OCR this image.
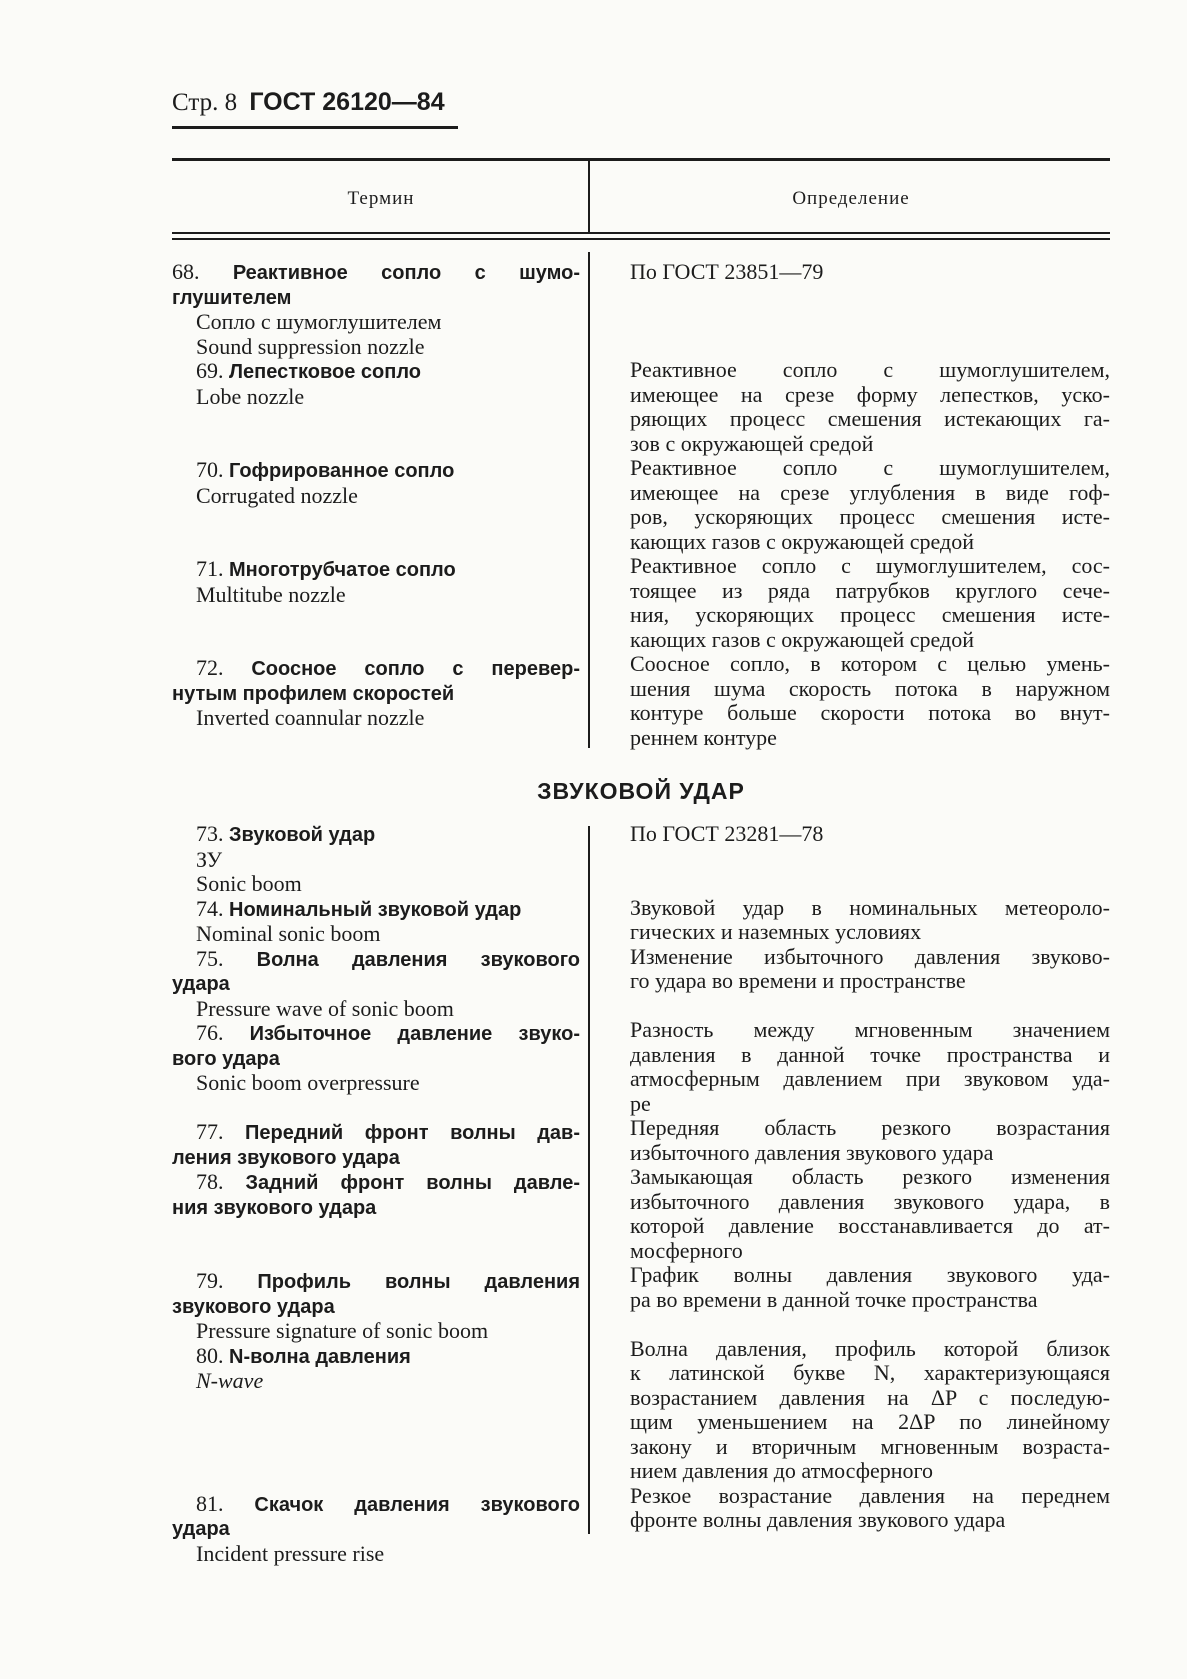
Стр. 8 ГОСТ 26120—84
Термин	Определение
68. Реактивное сопло с шумо-
глушителем
Сопло с шумоглушителем
Sound suppression nozzle
69. Лепестковое сопло
Lobe nozzle
70. Гофрированное сопло
Corrugated nozzle
71. Многотрубчатое сопло
Multitube nozzle
72. Соосное сопло с перевер-
нутым профилем скоростей
Inverted coannular nozzle
По ГОСТ 23851—79
Реактивное сопло с шумоглушителем,
имеющее на срезе форму лепестков, уско-
ряющих процесс смешения истекающих га-
зов с окружающей средой
Реактивное сопло с шумоглушителем,
имеющее на срезе углубления в виде гоф-
ров, ускоряющих процесс смешения исте-
кающих газов с окружающей средой
Реактивное сопло с шумоглушителем, сос-
тоящее из ряда патрубков круглого сече-
ния, ускоряющих процесс смешения исте-
кающих газов с окружающей средой
Соосное сопло, в котором с целью умень-
шения шума скорость потока в наружном
контуре больше скорости потока во внут-
реннем контуре
ЗВУКОВОЙ УДАР
73. Звуковой удар
ЗУ
Sonic boom
74. Номинальный звуковой удар
Nominal sonic boom
75. Волна давления звукового
удара
Pressure wave of sonic boom
76. Избыточное давление звуко-
вого удара
Sonic boom overpressure
77. Передний фронт волны дав-
ления звукового удара
78. Задний фронт волны давле-
ния звукового удара
79. Профиль волны давления
звукового удара
Pressure signature of sonic boom
80. N-волна давления
N-wave
81. Скачок давления звукового
удара
Incident pressure rise
По ГОСТ 23281—78
Звуковой удар в номинальных метеороло-
гических и наземных условиях
Изменение избыточного давления звуково-
го удара во времени и пространстве
Разность между мгновенным значением
давления в данной точке пространства и
атмосферным давлением при звуковом уда-
ре
Передняя область резкого возрастания
избыточного давления звукового удара
Замыкающая область резкого изменения
избыточного давления звукового удара, в
которой давление восстанавливается до ат-
мосферного
График волны давления звукового уда-
ра во времени в данной точке пространства
Волна давления, профиль которой близок
к латинской букве N, характеризующаяся
возрастанием давления на ΔP с последую-
щим уменьшением на 2ΔP по линейному
закону и вторичным мгновенным возраста-
нием давления до атмосферного
Резкое возрастание давления на переднем
фронте волны давления звукового удара
